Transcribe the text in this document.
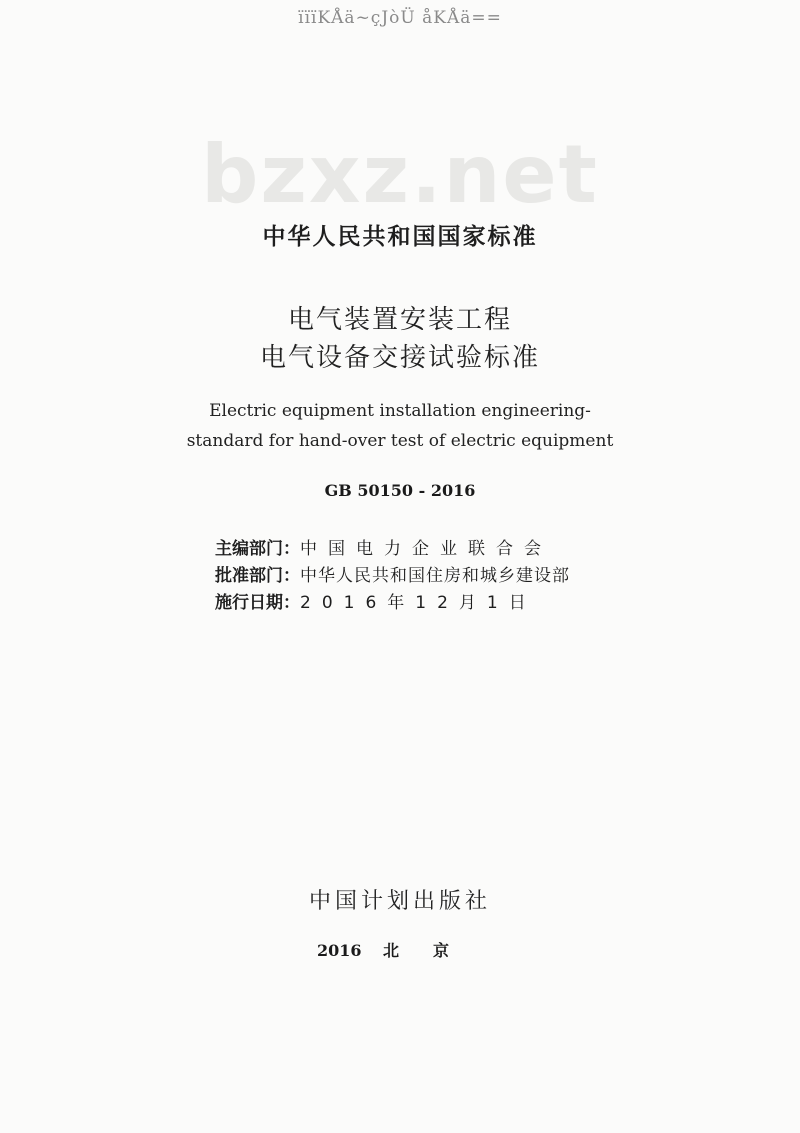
ïïïKÅä~çJòÜ åKÅä==
bzxz.net
中华人民共和国国家标准
电气装置安装工程
电气设备交接试验标准
Electric equipment installation engineering-
standard for hand-over test of electric equipment
GB 50150 - 2016
主编部门： 中国电力企业联合会
批准部门： 中华人民共和国住房和城乡建设部
施行日期： 2016年12月1日
中国计划出版社
2016 北京
